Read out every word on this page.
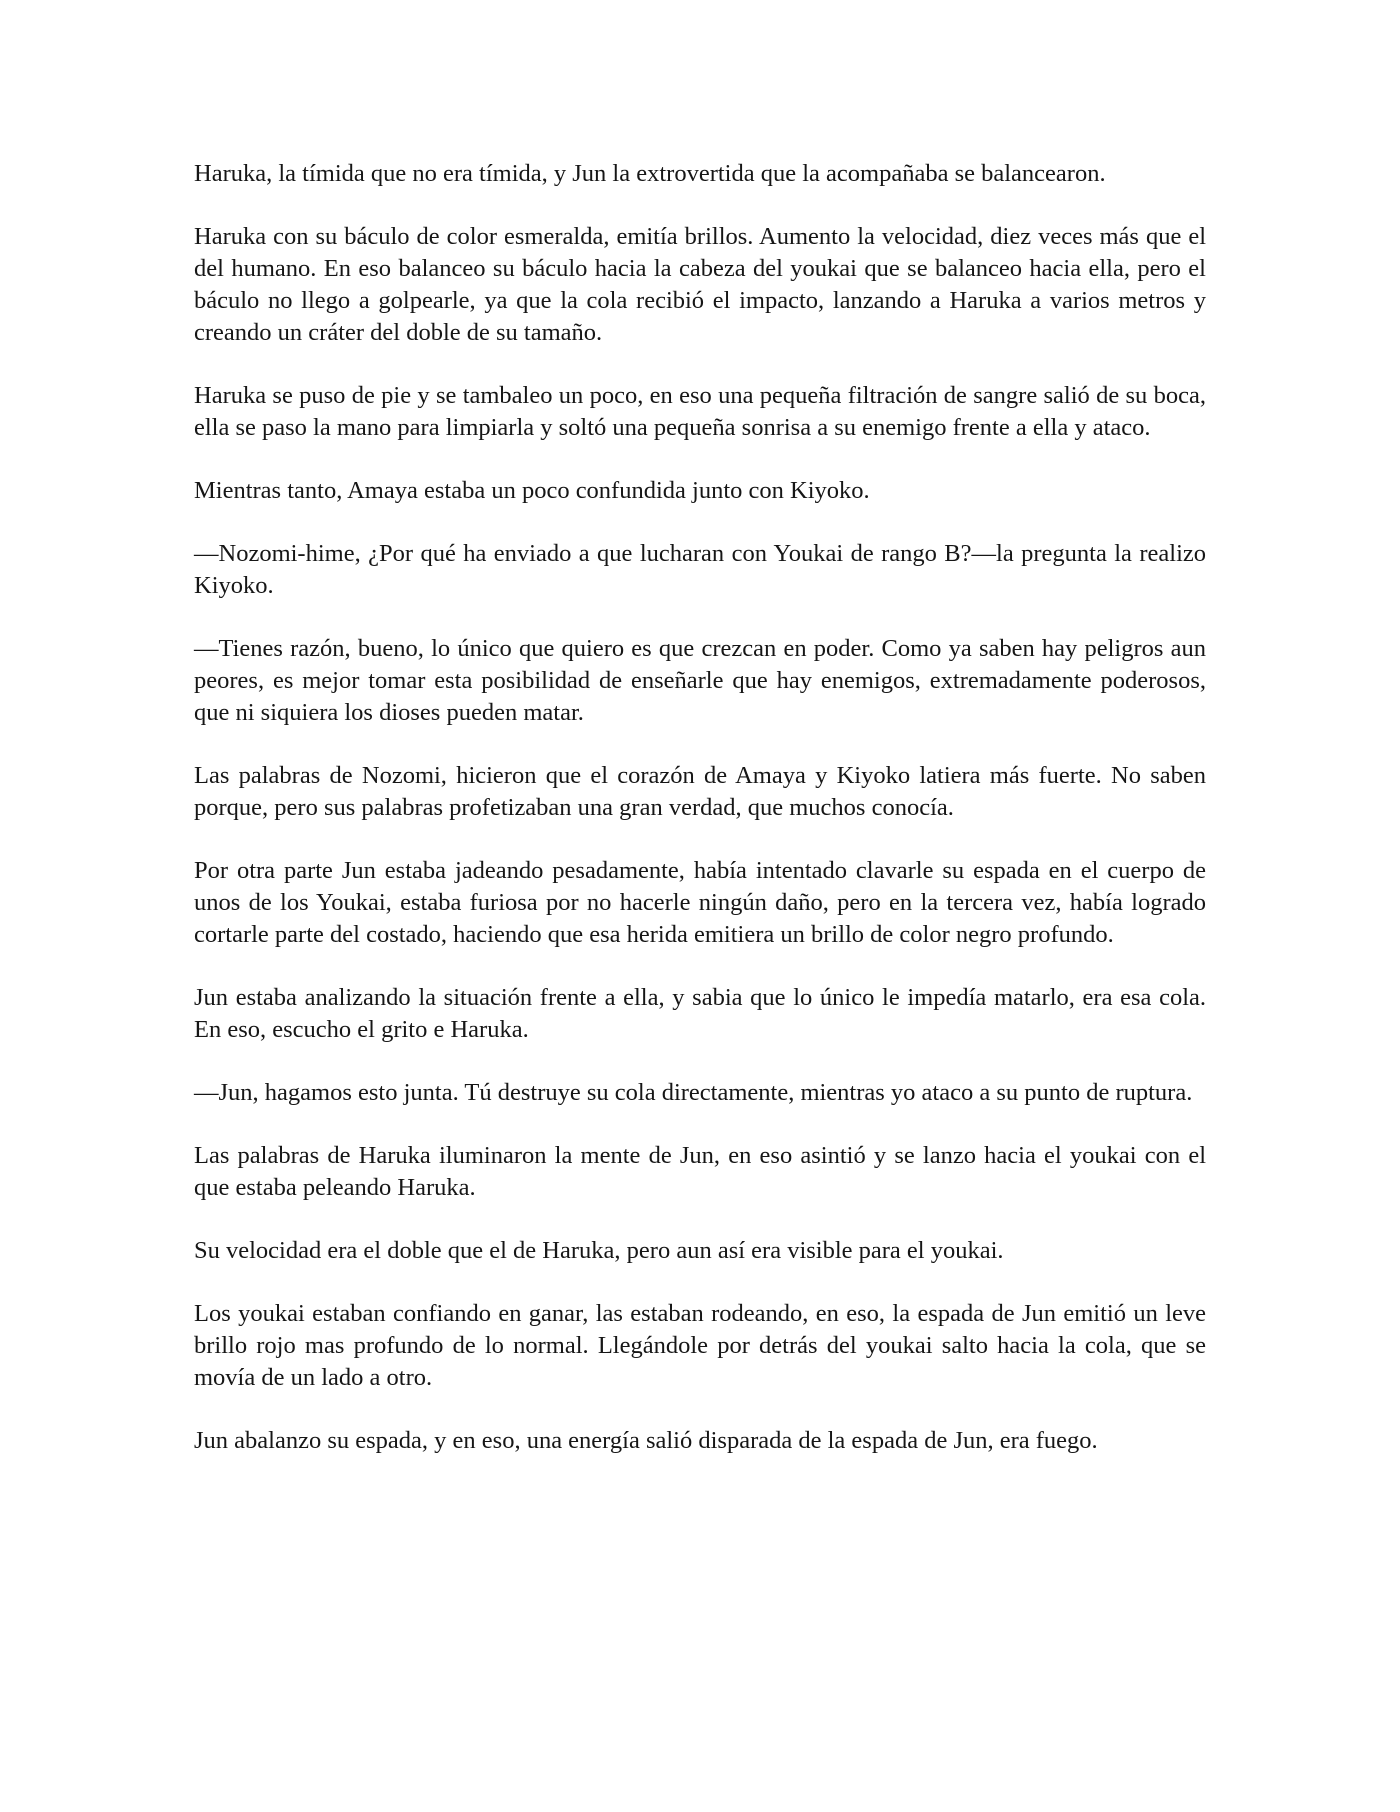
Haruka, la tímida que no era tímida, y Jun la extrovertida que la acompañaba se balancearon.

Haruka con su báculo de color esmeralda, emitía brillos. Aumento la velocidad, diez veces más que el del humano. En eso balanceo su báculo hacia la cabeza del youkai que se balanceo hacia ella, pero el báculo no llego a golpearle, ya que la cola recibió el impacto, lanzando a Haruka a varios metros y creando un cráter del doble de su tamaño.

Haruka se puso de pie y se tambaleo un poco, en eso una pequeña filtración de sangre salió de su boca, ella se paso la mano para limpiarla y soltó una pequeña sonrisa a su enemigo frente a ella y ataco.

Mientras tanto, Amaya estaba un poco confundida junto con Kiyoko.

—Nozomi-hime, ¿Por qué ha enviado a que lucharan con Youkai de rango B?—la pregunta la realizo Kiyoko.

—Tienes razón, bueno, lo único que quiero es que crezcan en poder. Como ya saben hay peligros aun peores, es mejor tomar esta posibilidad de enseñarle que hay enemigos, extremadamente poderosos, que ni siquiera los dioses pueden matar.

Las palabras de Nozomi, hicieron que el corazón de Amaya y Kiyoko latiera más fuerte. No saben porque, pero sus palabras profetizaban una gran verdad, que muchos conocía.

Por otra parte Jun estaba jadeando pesadamente, había intentado clavarle su espada en el cuerpo de unos de los Youkai, estaba furiosa por no hacerle ningún daño, pero en la tercera vez, había logrado cortarle parte del costado, haciendo que esa herida emitiera un brillo de color negro profundo.

Jun estaba analizando la situación frente a ella, y sabia que lo único le impedía matarlo, era esa cola. En eso, escucho el grito e Haruka.

—Jun, hagamos esto junta. Tú destruye su cola directamente, mientras yo ataco a su punto de ruptura.

Las palabras de Haruka iluminaron la mente de Jun, en eso asintió y se lanzo hacia el youkai con el que estaba peleando Haruka.

Su velocidad era el doble que el de Haruka, pero aun así era visible para el youkai.

Los youkai estaban confiando en ganar, las estaban rodeando, en eso, la espada de Jun emitió un leve brillo rojo mas profundo de lo normal. Llegándole por detrás del youkai salto hacia la cola, que se movía de un lado a otro.

Jun abalanzo su espada, y en eso, una energía salió disparada de la espada de Jun, era fuego.
